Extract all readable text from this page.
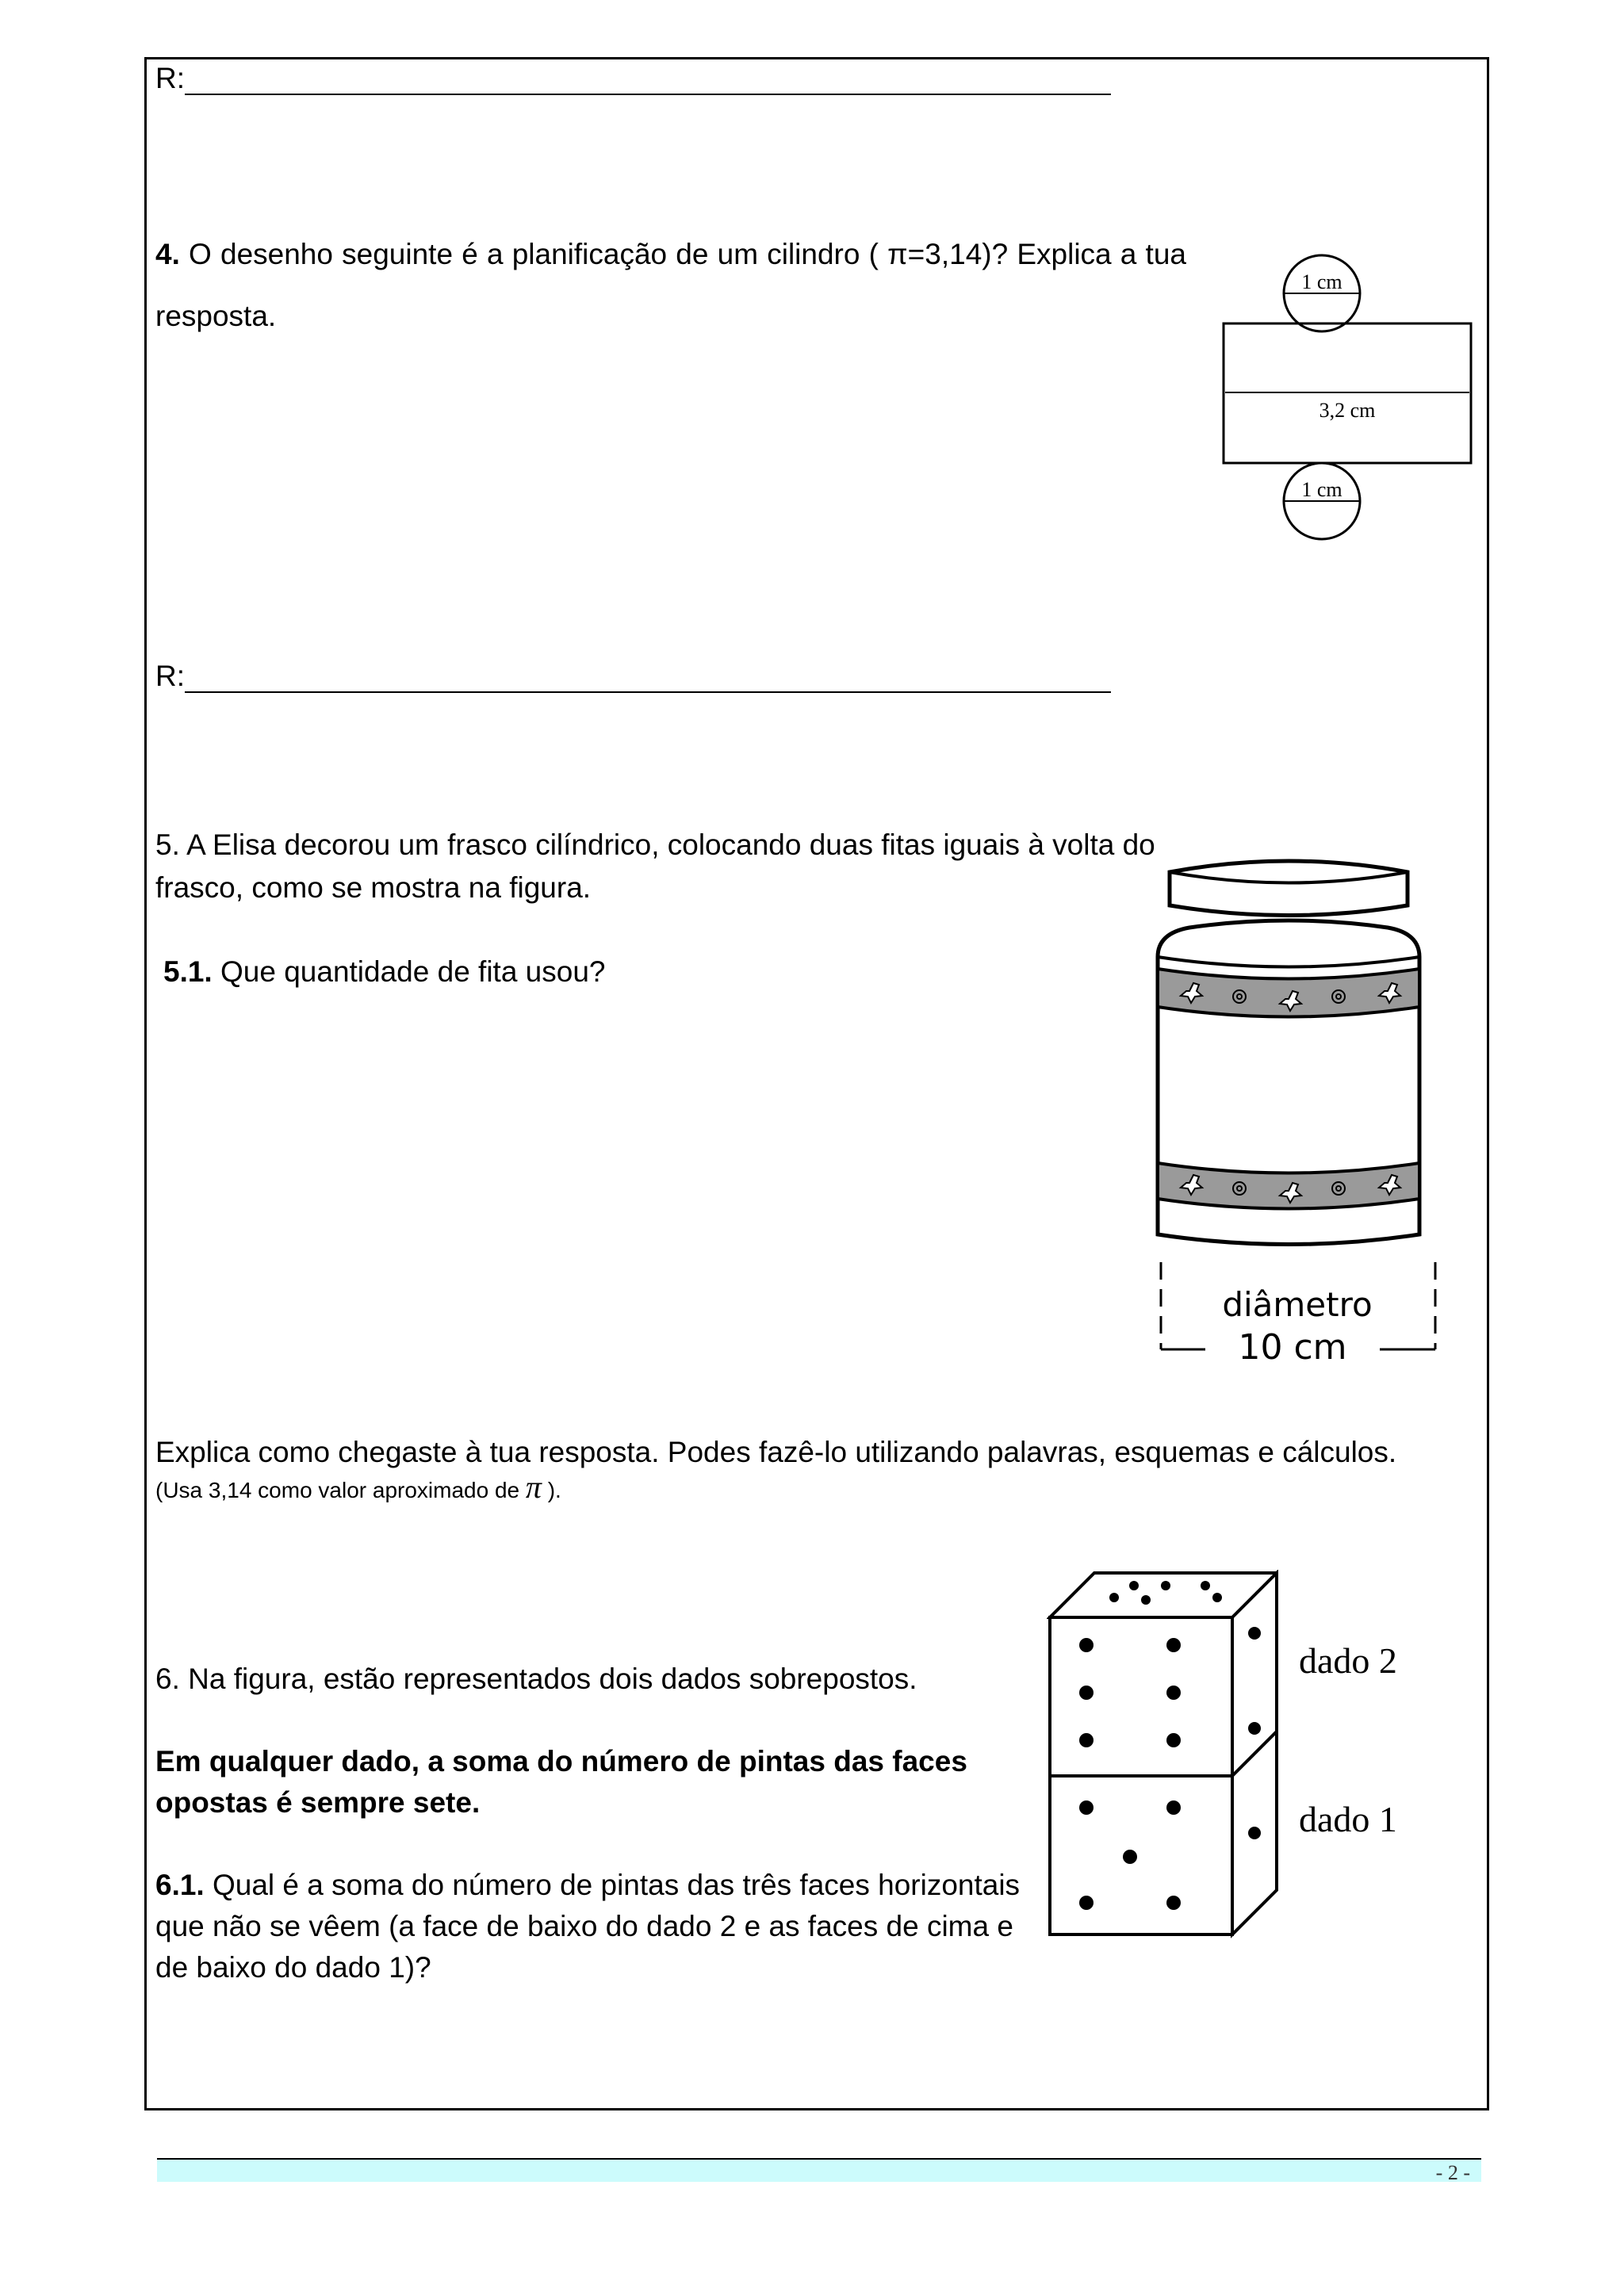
R:
4. O desenho seguinte é a planificação de um cilindro ( π=3,14)? Explica a tua resposta.
1 cm
3,2 cm
1 cm
R:
5. A Elisa decorou um frasco cilíndrico, colocando duas fitas iguais à volta do
frasco, como se mostra na figura.
5.1. Que quantidade de fita usou?
diâmetro
10 cm
Explica como chegaste à tua resposta. Podes fazê-lo utilizando palavras, esquemas e cálculos.
(Usa 3,14 como valor aproximado de π ).
6. Na figura, estão representados dois dados sobrepostos.
Em qualquer dado, a soma do número de pintas das faces
opostas é sempre sete.
6.1. Qual é a soma do número de pintas das três faces horizontais
que não se vêem (a face de baixo do dado 2 e as faces de cima e
de baixo do dado 1)?
dado 2
dado 1
- 2 -
